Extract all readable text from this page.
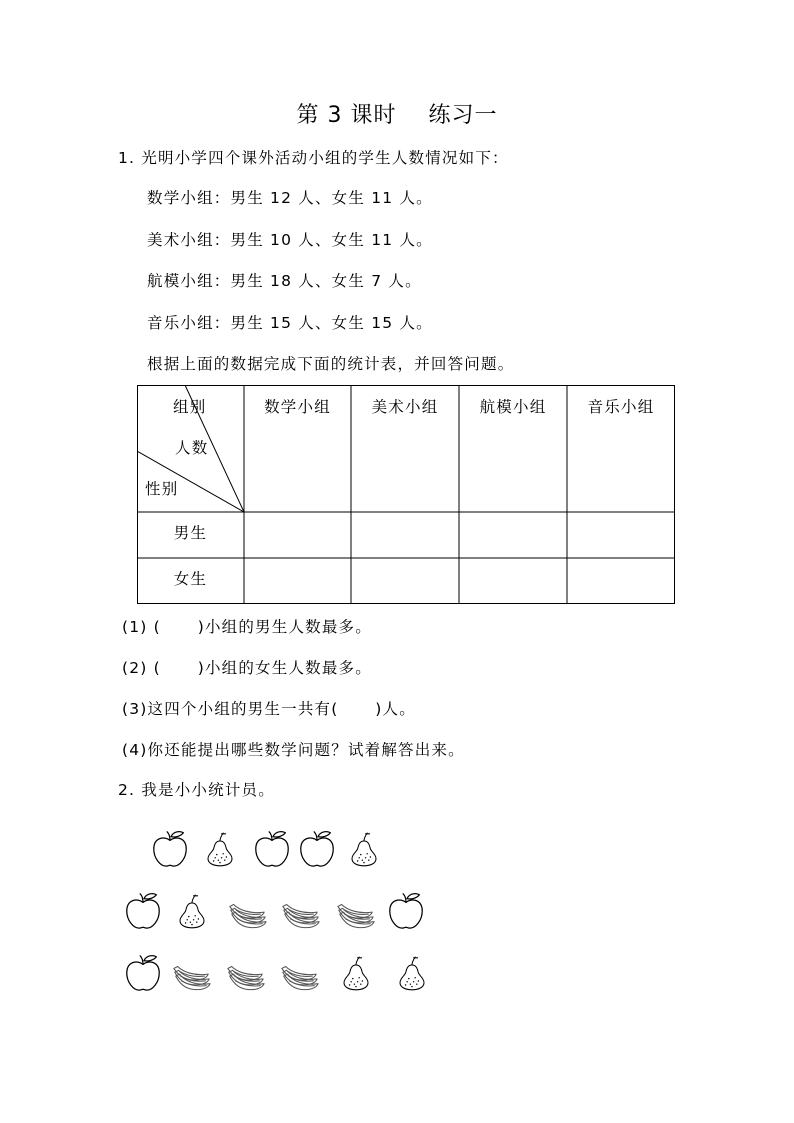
第 3 课时    练习一
1. 光明小学四个课外活动小组的学生人数情况如下：
数学小组：男生 12 人、女生 11 人。
美术小组：男生 10 人、女生 11 人。
航模小组：男生 18 人、女生 7 人。
音乐小组：男生 15 人、女生 15 人。
根据上面的数据完成下面的统计表，并回答问题。
组别
人数
性别
数学小组	美术小组	航模小组	音乐小组
男生
女生
(1) (      )小组的男生人数最多。
(2) (      )小组的女生人数最多。
(3)这四个小组的男生一共有(      )人。
(4)你还能提出哪些数学问题？试着解答出来。
2. 我是小小统计员。
